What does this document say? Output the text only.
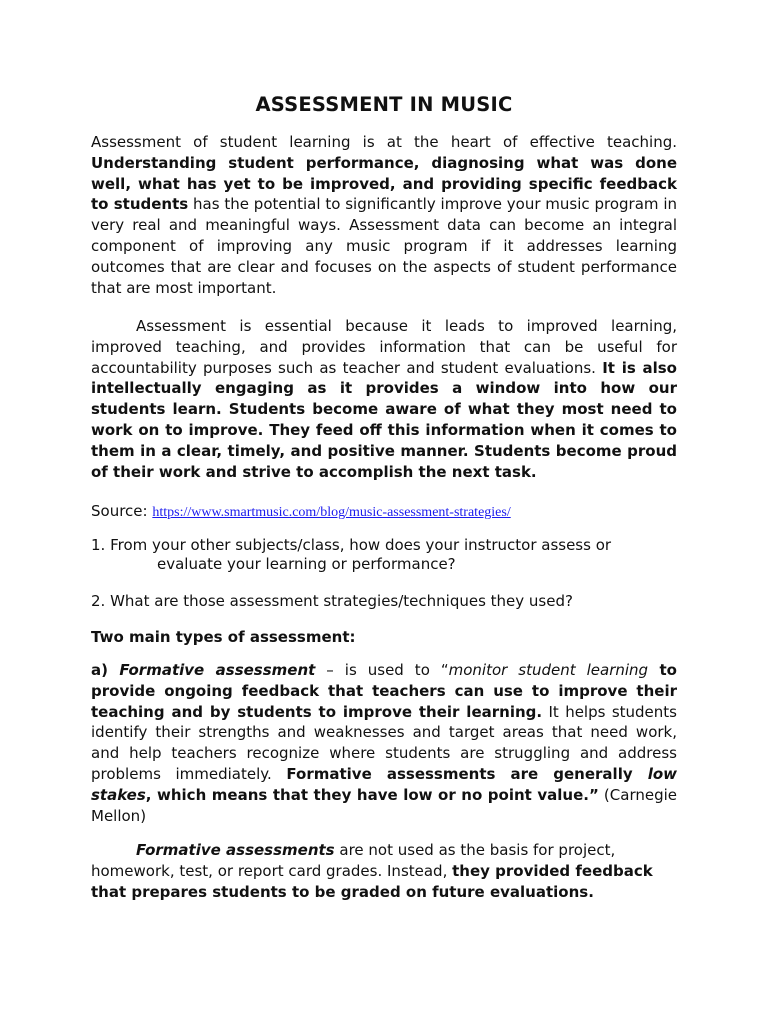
ASSESSMENT IN MUSIC
Assessment of student learning is at the heart of effective teaching. Understanding student performance, diagnosing what was done well, what has yet to be improved, and providing specific feedback to students has the potential to significantly improve your music program in very real and meaningful ways. Assessment data can become an integral component of improving any music program if it addresses learning outcomes that are clear and focuses on the aspects of student performance that are most important.
Assessment is essential because it leads to improved learning, improved teaching, and provides information that can be useful for accountability purposes such as teacher and student evaluations. It is also intellectually engaging as it provides a window into how our students learn. Students become aware of what they most need to work on to improve. They feed off this information when it comes to them in a clear, timely, and positive manner. Students become proud of their work and strive to accomplish the next task.
Source: https://www.smartmusic.com/blog/music-assessment-strategies/
1. From your other subjects/class, how does your instructor assess or
evaluate your learning or performance?
2. What are those assessment strategies/techniques they used?
Two main types of assessment:
a) Formative assessment – is used to “monitor student learning to provide ongoing feedback that teachers can use to improve their teaching and by students to improve their learning. It helps students identify their strengths and weaknesses and target areas that need work, and help teachers recognize where students are struggling and address problems immediately. Formative assessments are generally low stakes, which means that they have low or no point value.” (Carnegie Mellon)
Formative assessments are not used as the basis for project, homework, test, or report card grades. Instead, they provided feedback that prepares students to be graded on future evaluations.
